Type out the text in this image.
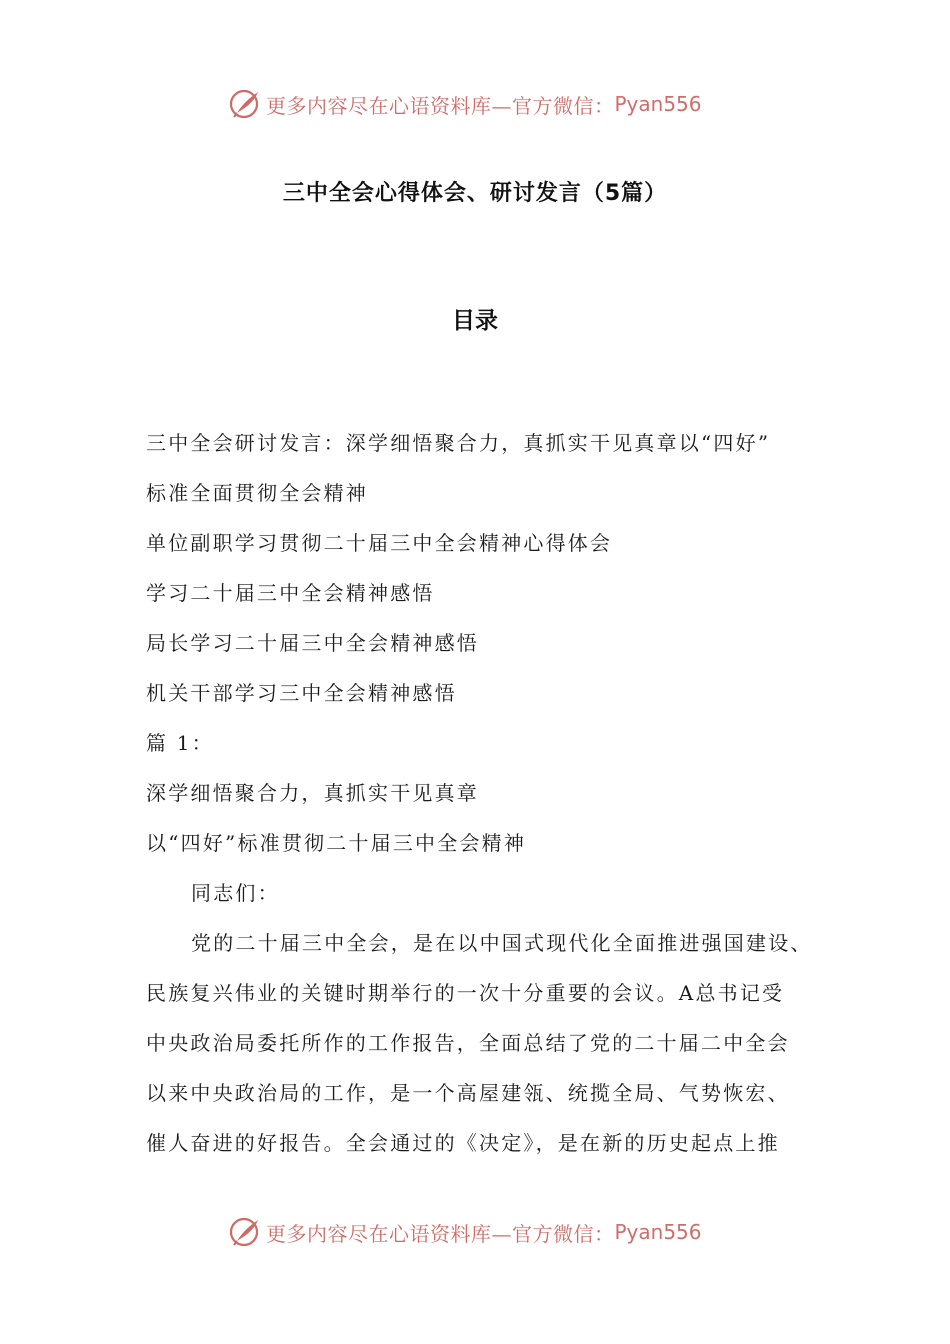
更多内容尽在心语资料库—官方微信： Pyan556
三中全会心得体会、研讨发言（5篇）
目录

三中全会研讨发言：深学细悟聚合力，真抓实干见真章以“四好”

标准全面贯彻全会精神

单位副职学习贯彻二十届三中全会精神心得体会

学习二十届三中全会精神感悟

局长学习二十届三中全会精神感悟

机关干部学习三中全会精神感悟

篇 1：

深学细悟聚合力，真抓实干见真章

以“四好”标准贯彻二十届三中全会精神

同志们：

党的二十届三中全会，是在以中国式现代化全面推进强国建设、

民族复兴伟业的关键时期举行的一次十分重要的会议。A总书记受

中央政治局委托所作的工作报告，全面总结了党的二十届二中全会

以来中央政治局的工作，是一个高屋建瓴、统揽全局、气势恢宏、

催人奋进的好报告。全会通过的《决定》，是在新的历史起点上推

更多内容尽在心语资料库—官方微信： Pyan556
